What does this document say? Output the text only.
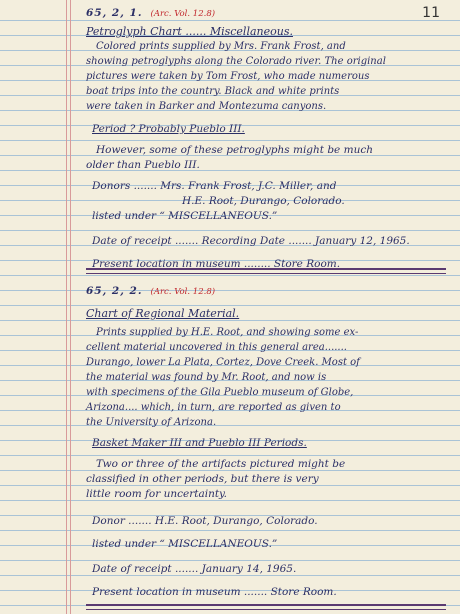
11
65, 2, 1. (Arc. Vol. 12.8)
Petroglyph Chart ...... Miscellaneous.

Colored prints supplied by Mrs. Frank Frost, and
showing petroglyphs along the Colorado river. The original
pictures were taken by Tom Frost, who made numerous
boat trips into the country. Black and white prints
were taken in Barker and Montezuma canyons.

Period ? Probably Pueblo III.

However, some of these petroglyphs might be much
older than Pueblo III.

Donors ....... Mrs. Frank Frost, J.C. Miller, and
H.E. Root, Durango, Colorado.
listed under “ MISCELLANEOUS.”
Date of receipt ....... Recording Date ....... January 12, 1965.
Present location in museum ........ Store Room.
65, 2, 2. (Arc. Vol. 12.8)
Chart of Regional Material.

Prints supplied by H.E. Root, and showing some ex-
cellent material uncovered in this general area.......
Durango, lower La Plata, Cortez, Dove Creek. Most of
the material was found by Mr. Root, and now is
with specimens of the Gila Pueblo museum of Globe,
Arizona.... which, in turn, are reported as given to
the University of Arizona.

Basket Maker III and Pueblo III Periods.

Two or three of the artifacts pictured might be
classified in other periods, but there is very
little room for uncertainty.

Donor ....... H.E. Root, Durango, Colorado.
listed under “ MISCELLANEOUS.”
Date of receipt ....... January 14, 1965.
Present location in museum ....... Store Room.
